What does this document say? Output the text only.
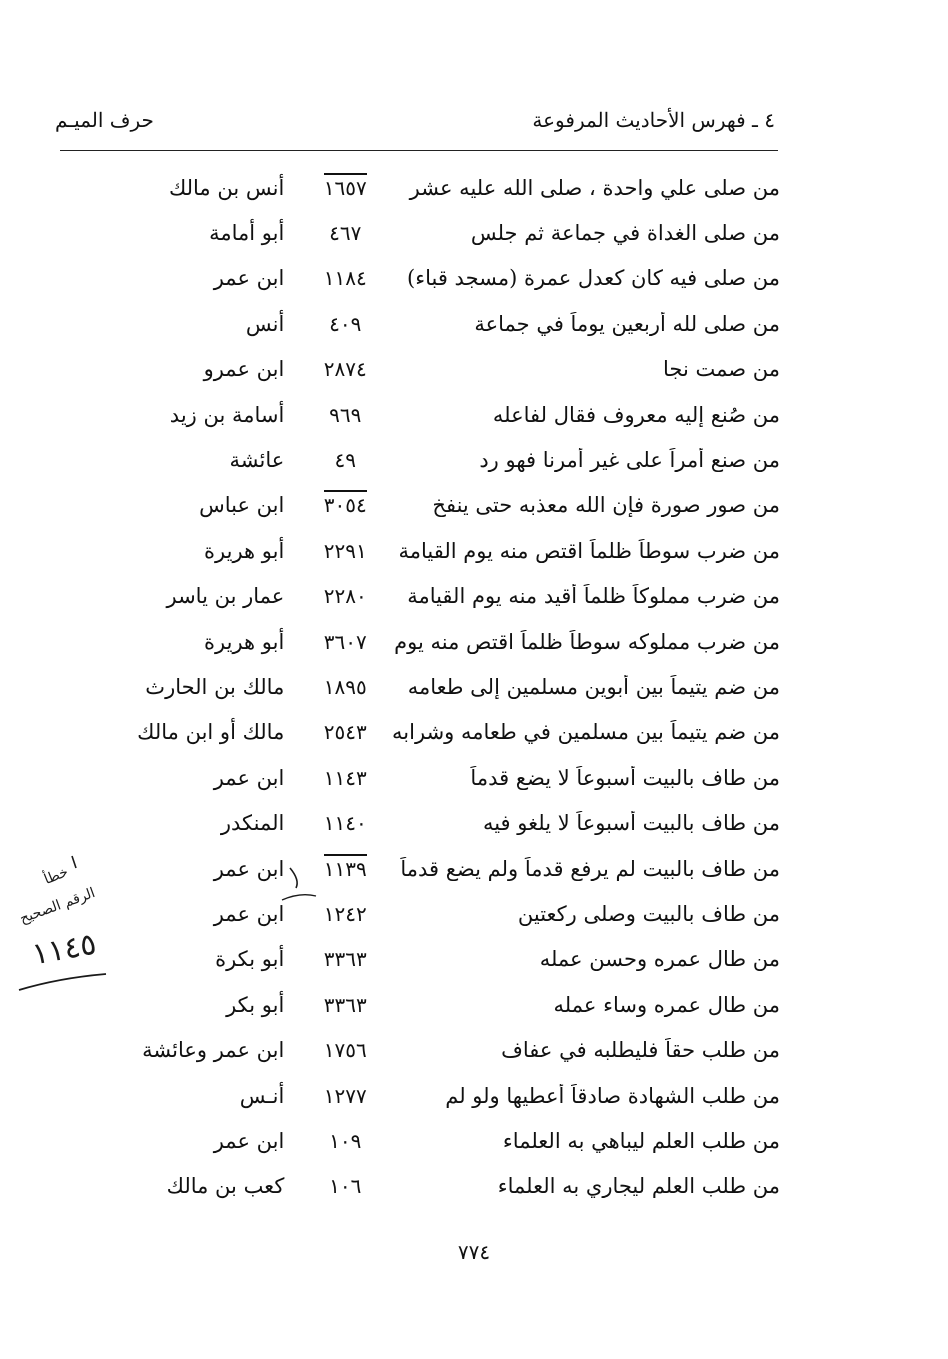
٤ ـ فهرس الأحاديث المرفوعة
حرف الميـم
من صلى علي واحدة ، صلى الله عليه عشر
١٦٥٧
أنس بن مالك
من صلى الغداة في جماعة ثم جلس
٤٦٧
أبو أمامة
من صلى فيه كان كعدل عمرة (مسجد قباء)
١١٨٤
ابن عمر
من صلى لله أربعين يوماً في جماعة
٤٠٩
أنس
من صمت نجا
٢٨٧٤
ابن عمرو
من صُنع إليه معروف فقال لفاعله
٩٦٩
أسامة بن زيد
من صنع أمراً على غير أمرنا فهو رد
٤٩
عائشة
من صور صورة فإن الله معذبه حتى ينفخ
٣٠٥٤
ابن عباس
من ضرب سوطاً ظلماً اقتص منه يوم القيامة
٢٢٩١
أبو هريرة
من ضرب مملوكاً ظلماً أقيد منه يوم القيامة
٢٢٨٠
عمار بن ياسر
من ضرب مملوكه سوطاً ظلماً اقتص منه يوم
٣٦٠٧
أبو هريرة
من ضم يتيماً بين أبوين مسلمين إلى طعامه
١٨٩٥
مالك بن الحارث
من ضم يتيماً بين مسلمين في طعامه وشرابه
٢٥٤٣
مالك أو ابن مالك
من طاف بالبيت أسبوعاً لا يضع قدماً
١١٤٣
ابن عمر
من طاف بالبيت أسبوعاً لا يلغو فيه
١١٤٠
المنكدر
من طاف بالبيت لم يرفع قدماً ولم يضع قدماً
١١٣٩
ابن عمر
من طاف بالبيت وصلى ركعتين
١٢٤٢
ابن عمر
من طال عمره وحسن عمله
٣٣٦٣
أبو بكرة
من طال عمره وساء عمله
٣٣٦٣
أبو بكر
من طلب حقاً فليطلبه في عفاف
١٧٥٦
ابن عمر وعائشة
من طلب الشهادة صادقاً أعطيها ولو لم
١٢٧٧
أنـس
من طلب العلم ليباهي به العلماء
١٠٩
ابن عمر
من طلب العلم ليجاري به العلماء
١٠٦
كعب بن مالك
خطأ
الرقم الصحيح
١١٤٥
٧٧٤
